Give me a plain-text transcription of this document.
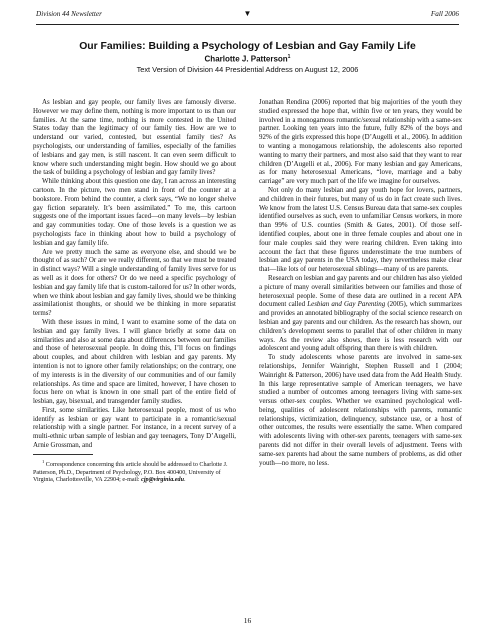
Division 44 Newsletter	▼	Fall 2006
Our Families: Building a Psychology of Lesbian and Gay Family Life
Charlotte J. Patterson$^1$
Text Version of Division 44 Presidential Address on August 12, 2006

As lesbian and gay people, our family lives are famously diverse. However we may define them, nothing is more important to us than our families. At the same time, nothing is more contested in the United States today than the legitimacy of our family ties. How are we to understand our varied, contested, but essential family ties? As psychologists, our understanding of families, especially of the families of lesbians and gay men, is still nascent. It can even seem difficult to know where such understanding might begin. How should we go about the task of building a psychology of lesbian and gay family lives?

While thinking about this question one day, I ran across an interesting cartoon. In the picture, two men stand in front of the counter at a bookstore. From behind the counter, a clerk says, “We no longer shelve gay fiction separately. It’s been assimilated.” To me, this cartoon suggests one of the important issues faced—on many levels—by lesbian and gay communities today. One of those levels is a question we as psychologists face in thinking about how to build a psychology of lesbian and gay family life.

Are we pretty much the same as everyone else, and should we be thought of as such? Or are we really different, so that we must be treated in distinct ways? Will a single understanding of family lives serve for us as well as it does for others? Or do we need a specific psychology of lesbian and gay family life that is custom-tailored for us? In other words, when we think about lesbian and gay family lives, should we be thinking assimilationist thoughts, or should we be thinking in more separatist terms?

With these issues in mind, I want to examine some of the data on lesbian and gay family lives. I will glance briefly at some data on similarities and also at some data about differences between our families and those of heterosexual people. In doing this, I’ll focus on findings about couples, and about children with lesbian and gay parents. My intention is not to ignore other family relationships; on the contrary, one of my interests is in the diversity of our communities and of our family relationships. As time and space are limited, however, I have chosen to focus here on what is known in one small part of the entire field of lesbian, gay, bisexual, and transgender family studies.

First, some similarities. Like heterosexual people, most of us who identify as lesbian or gay want to participate in a romantic/sexual relationship with a single partner. For instance, in a recent survey of a multi-ethnic urban sample of lesbian and gay teenagers, Tony D’Augelli, Arnie Grossman, and

$^1$ Correspondence concerning this article should be addressed to Charlotte J. Patterson, Ph.D., Department of Psychology, P.O. Box 400400, University of Virginia, Charlottesville, VA 22904; e-mail: cjp@virginia.edu.

Jonathan Rendina (2006) reported that big majorities of the youth they studied expressed the hope that, within five or ten years, they would be involved in a monogamous romantic/sexual relationship with a same-sex partner. Looking ten years into the future, fully 82% of the boys and 92% of the girls expressed this hope (D’Augelli et al., 2006). In addition to wanting a monogamous relationship, the adolescents also reported wanting to marry their partners, and most also said that they want to rear children (D’Augelli et al., 2006). For many lesbian and gay Americans, as for many heterosexual Americans, “love, marriage and a baby carriage” are very much part of the life we imagine for ourselves.

Not only do many lesbian and gay youth hope for lovers, partners, and children in their futures, but many of us do in fact create such lives. We know from the latest U.S. Census Bureau data that same-sex couples identified ourselves as such, even to unfamiliar Census workers, in more than 99% of U.S. counties (Smith & Gates, 2001). Of those self-identified couples, about one in three female couples and about one in four male couples said they were rearing children. Even taking into account the fact that these figures underestimate the true numbers of lesbian and gay parents in the USA today, they nevertheless make clear that—like lots of our heterosexual siblings—many of us are parents.

Research on lesbian and gay parents and our children has also yielded a picture of many overall similarities between our families and those of heterosexual people. Some of these data are outlined in a recent APA document called Lesbian and Gay Parenting (2005), which summarizes and provides an annotated bibliography of the social science research on lesbian and gay parents and our children. As the research has shown, our children’s development seems to parallel that of other children in many ways. As the review also shows, there is less research with our adolescent and young adult offspring than there is with children.

To study adolescents whose parents are involved in same-sex relationships, Jennifer Wainright, Stephen Russell and I (2004; Wainright & Patterson, 2006) have used data from the Add Health Study. In this large representative sample of American teenagers, we have studied a number of outcomes among teenagers living with same-sex versus other-sex couples. Whether we examined psychological well-being, qualities of adolescent relationships with parents, romantic relationships, victimization, delinquency, substance use, or a host of other outcomes, the results were essentially the same. When compared with adolescents living with other-sex parents, teenagers with same-sex parents did not differ in their overall levels of adjustment. Teens with same-sex parents had about the same numbers of problems, as did other youth—no more, no less.

16
